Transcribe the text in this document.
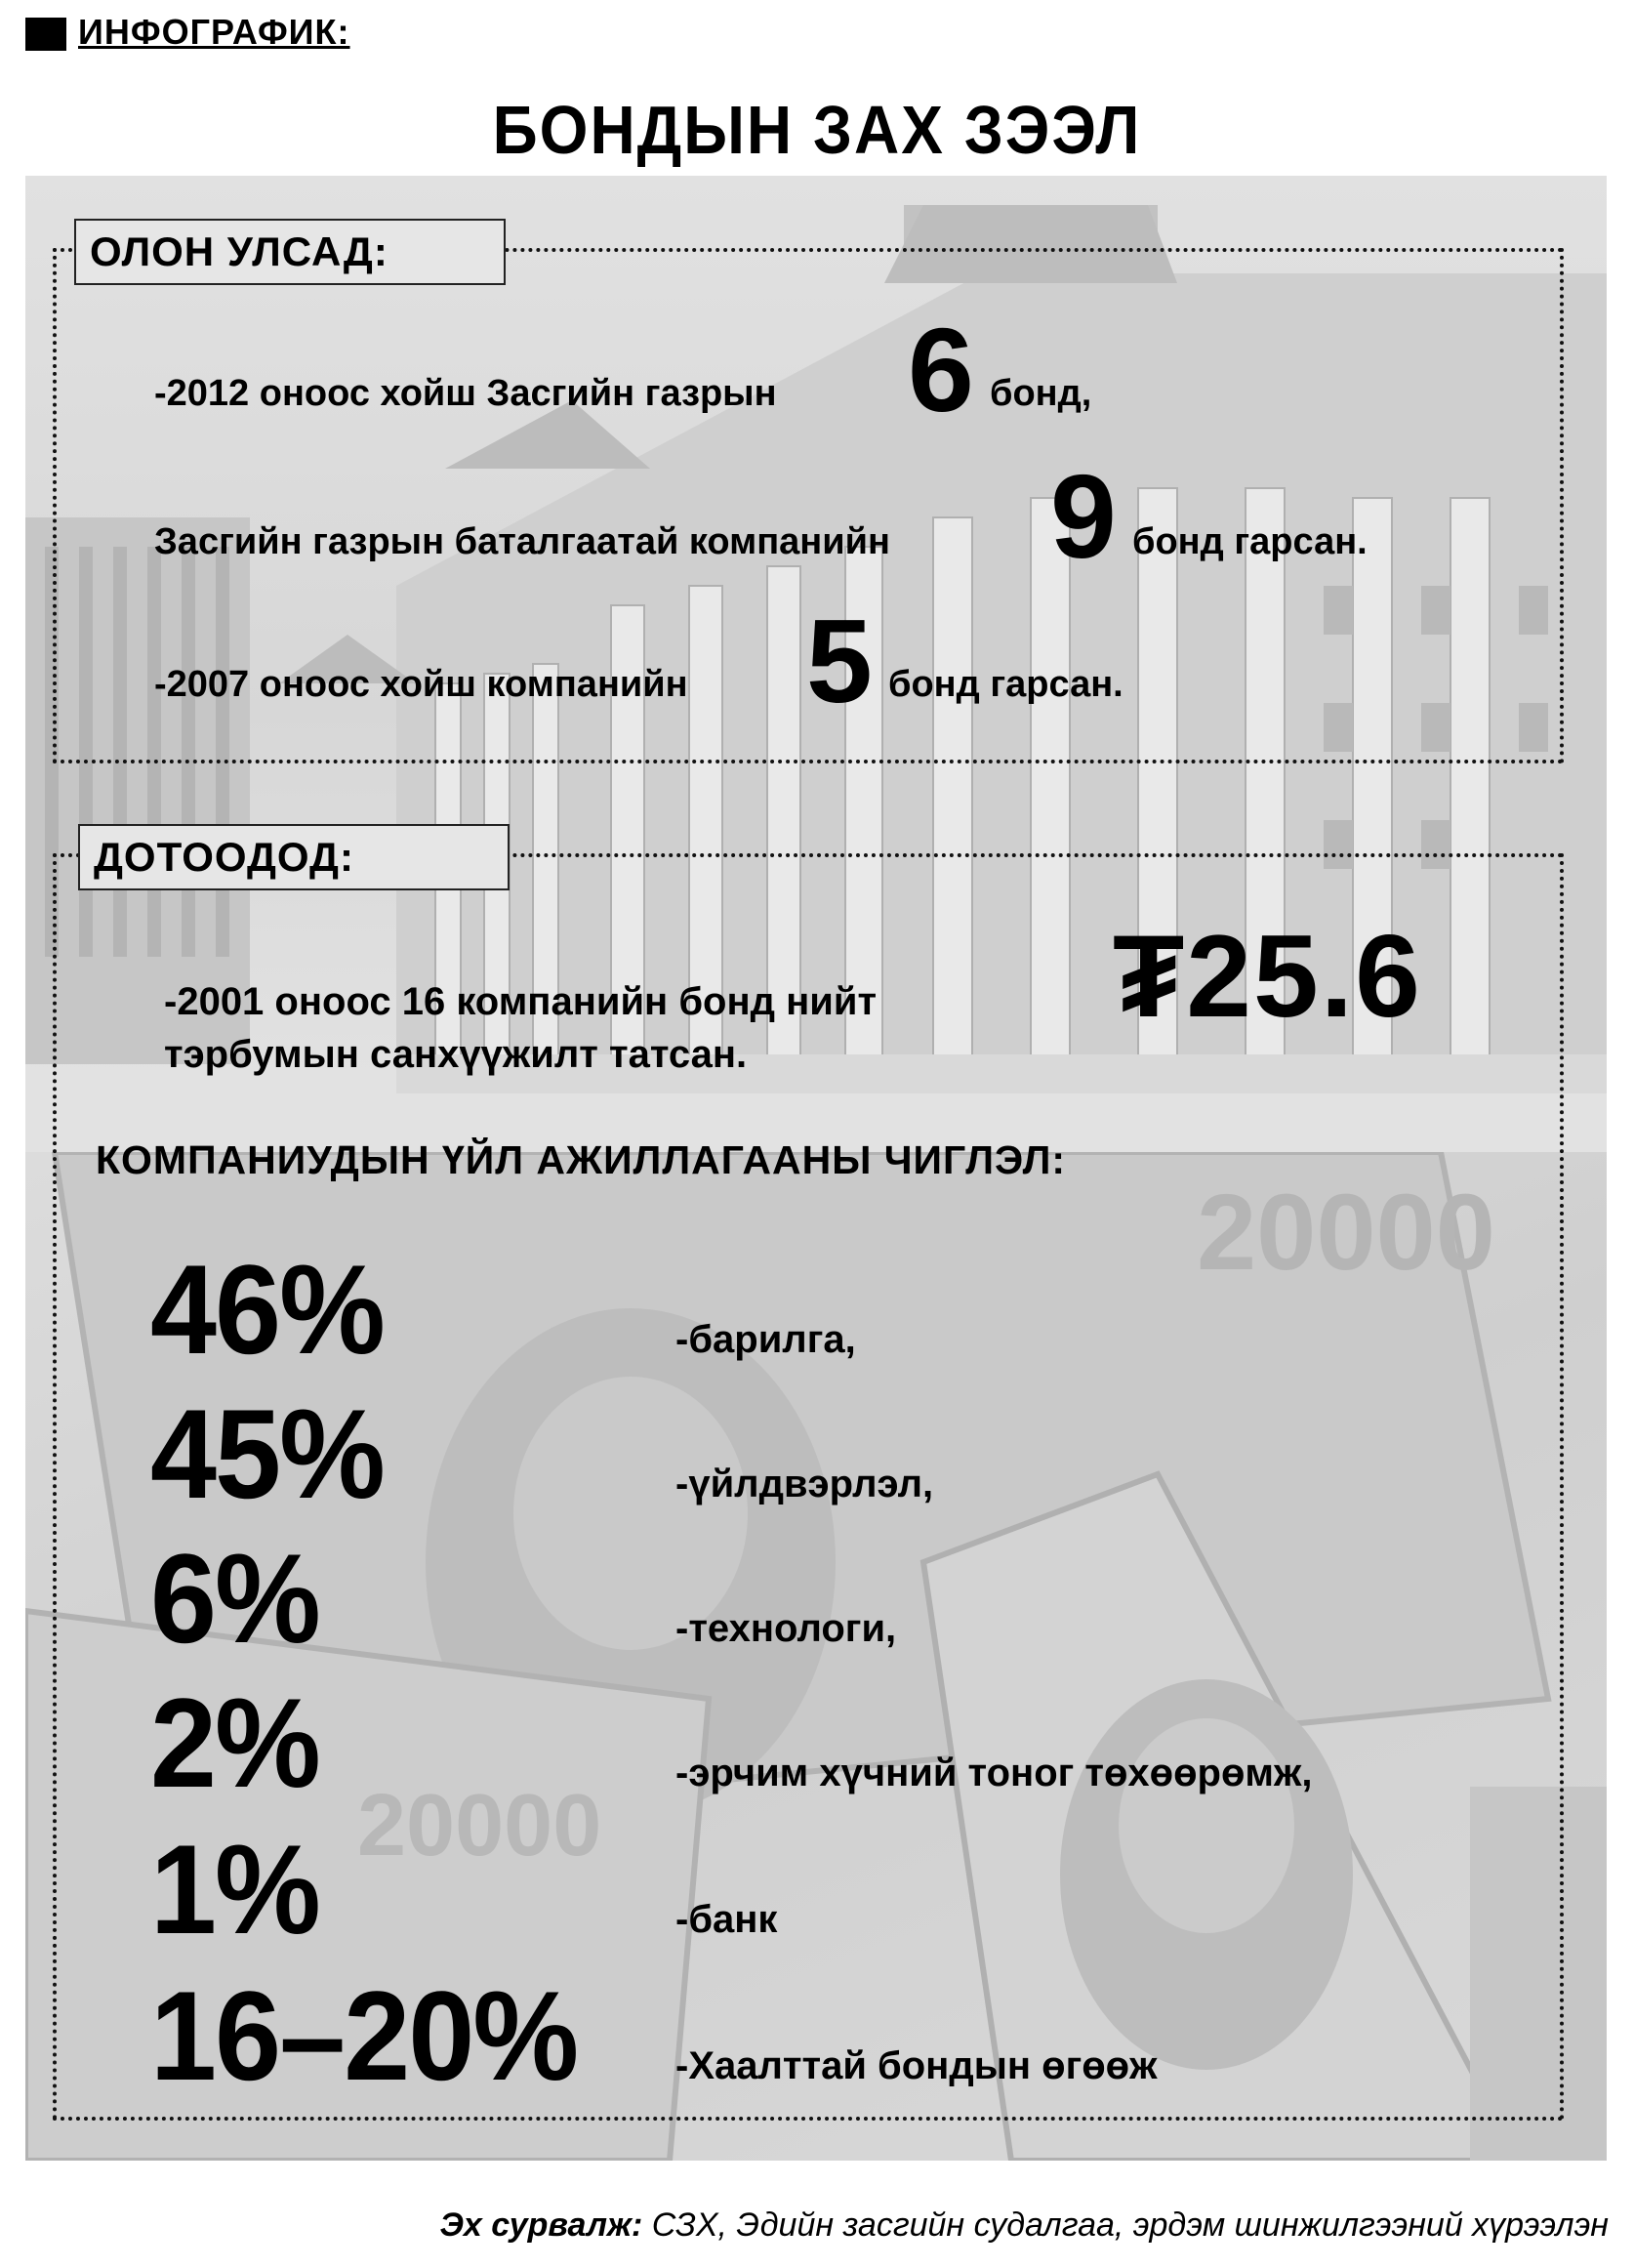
ИНФОГРАФИК:
БОНДЫН ЗАХ ЗЭЭЛ
20000
20000
ОЛОН УЛСАД:
-2012 оноос хойш Засгийн газрын 6 бонд,
Засгийн газрын баталгаатай компанийн 9 бонд гарсан.
-2007 оноос хойш компанийн 5 бонд гарсан.
ДОТООДОД:
-2001 оноос 16 компанийн бонд нийт
тэрбумын санхүүжилт татсан.
₮25.6
КОМПАНИУДЫН ҮЙЛ АЖИЛЛАГААНЫ ЧИГЛЭЛ:
46%	-барилга,
45%	-үйлдвэрлэл,
6%	-технологи,
2%	-эрчим хүчний тоног төхөөрөмж,
1%	-банк
16–20%	-Хаалттай бондын өгөөж
Эх сурвалж: СЗХ, Эдийн засгийн судалгаа, эрдэм шинжилгээний хүрээлэн
